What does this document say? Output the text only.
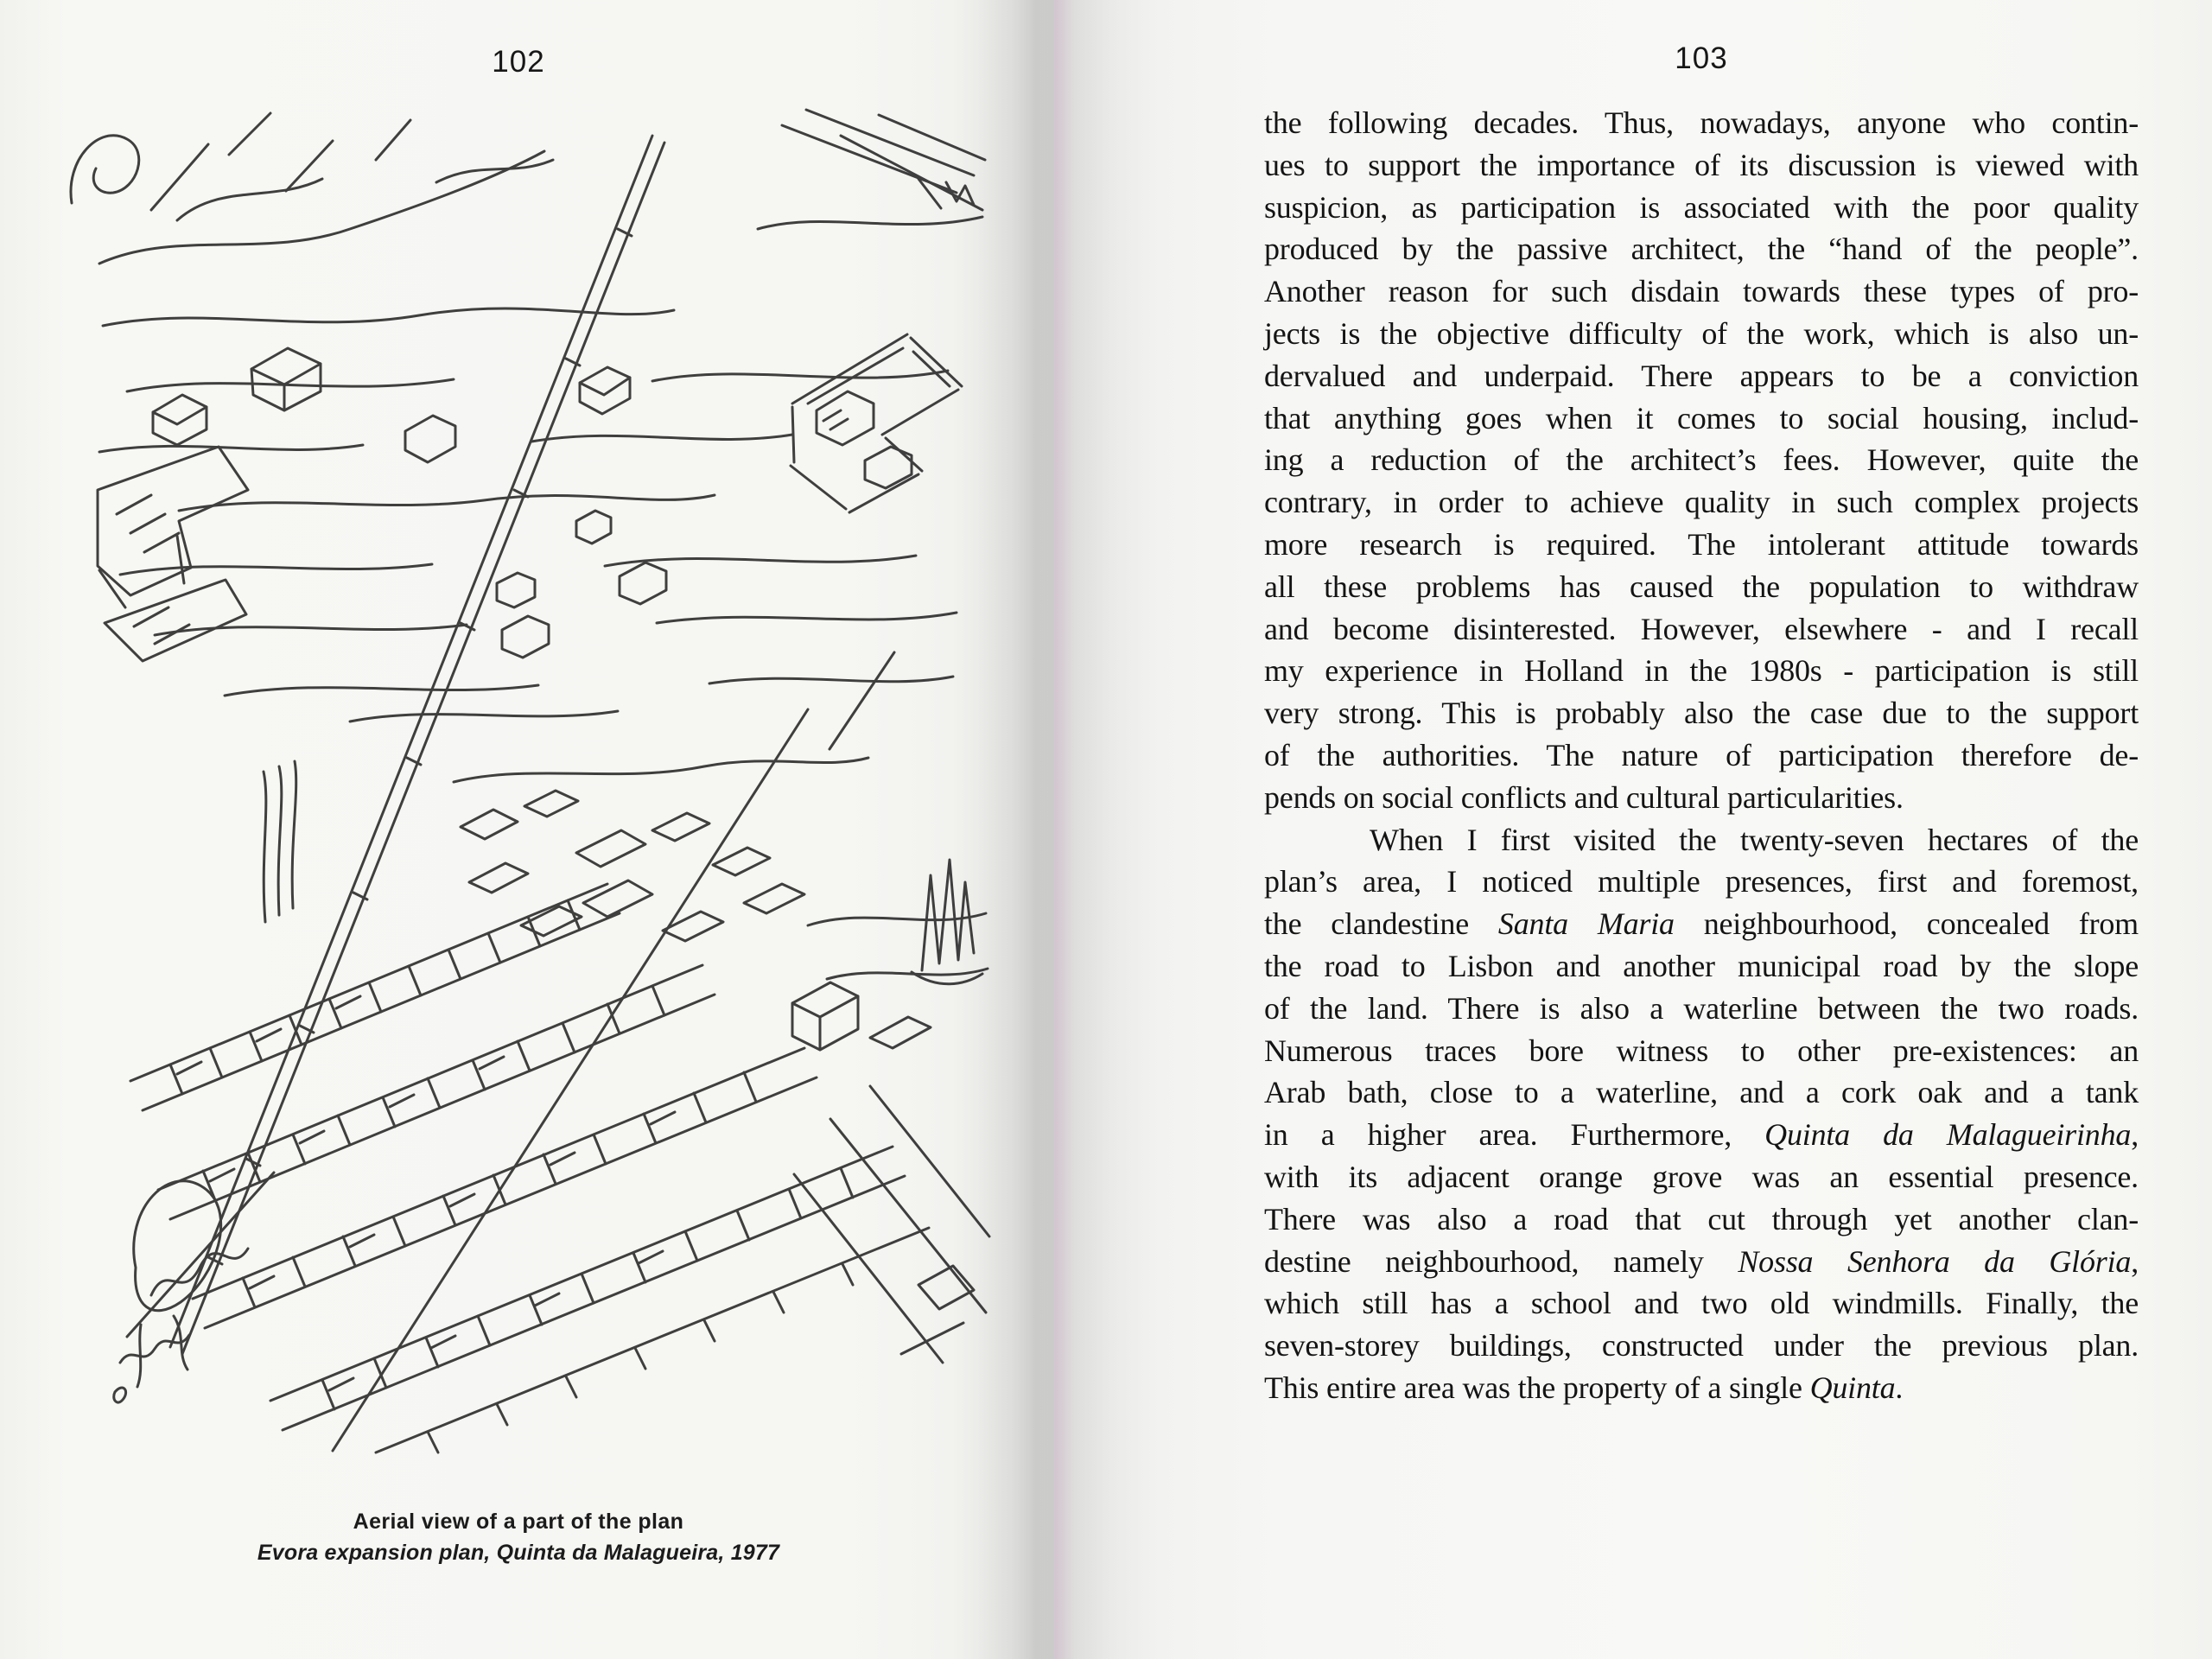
102
Aerial view of a part of the plan
Evora expansion plan, Quinta da Malagueira, 1977
103
the following decades. Thus, nowadays, anyone who contin-
ues to support the importance of its discussion is viewed with
suspicion, as participation is associated with the poor quality
produced by the passive architect, the “hand of the people”.
Another reason for such disdain towards these types of pro-
jects is the objective difficulty of the work, which is also un-
dervalued and underpaid. There appears to be a conviction
that anything goes when it comes to social housing, includ-
ing a reduction of the architect’s fees. However, quite the
contrary, in order to achieve quality in such complex projects
more research is required. The intolerant attitude towards
all these problems has caused the population to withdraw
and become disinterested. However, elsewhere - and I recall
my experience in Holland in the 1980s - participation is still
very strong. This is probably also the case due to the support
of the authorities. The nature of participation therefore de-
pends on social conflicts and cultural particularities.
When I first visited the twenty-seven hectares of the
plan’s area, I noticed multiple presences, first and foremost,
the clandestine Santa Maria neighbourhood, concealed from
the road to Lisbon and another municipal road by the slope
of the land. There is also a waterline between the two roads.
Numerous traces bore witness to other pre-existences: an
Arab bath, close to a waterline, and a cork oak and a tank
in a higher area. Furthermore, Quinta da Malagueirinha,
with its adjacent orange grove was an essential presence.
There was also a road that cut through yet another clan-
destine neighbourhood, namely Nossa Senhora da Glória,
which still has a school and two old windmills. Finally, the
seven-storey buildings, constructed under the previous plan.
This entire area was the property of a single Quinta.
